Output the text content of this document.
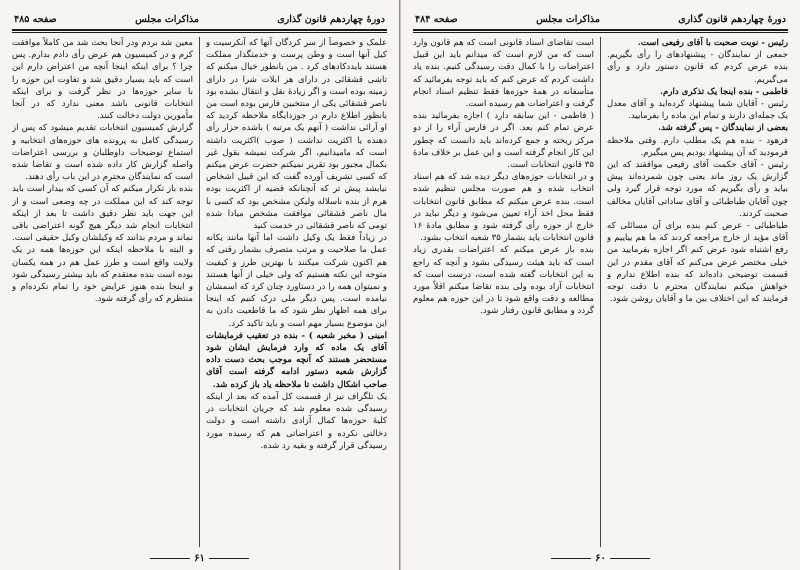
دورهٔ چهاردهم قانون گذاری
مذاکرات مجلس
صفحه ۴۸۵

علمک و خصوصاً از سر کردگان آنها که آنکرسیت و کیل آنها است و وطن پرست و خدمتگذار مملکت هستند بایددکادهای کرد . من بانطور خیال میکنم که تاشی قشقائی در دارای هر ایلات شرا در دارای زمینه بوده است و اگر زیادهٔ نقل و انتقال بشده بود ناصر قشقائی یکی از منتخبین فارس بوده است من بانظور اطلاع دارم در جوزدایگاه ملاحظه کردید که او آرائی نداشت ( آنهم یک مرتبه ) باشده حزار رأی دهنده یا اکثریت نداشت ( صوب )اکثریت داشته است که مامیدانیم، اگر شرکت نمیشه بقول غیر بکمال مجبور بود تقریر نمیکنم حضرت عرض میکنم که کسی تشریف آورده گفت که این قبیل اشخاص نیابشد پیش تر که آنچنانکه قضیه از اکثریت بوده هرم از بنده ناسلاله ولیکن مشخص بود که کسی با مال ناصر قشقائی موافقت مشخص میادا شده تومی که ناصر قشقائی در خدمت کنید

در زیاداً فقط یک وکیل داشت اما آنها مانند یکانه عمل ما صلاحیت و مرتب متصرف بشمار رقتی که هم اکنون شرکت میکنند با بهترین طرز و کیفیت متوجه این نکته هستیم که ولی خیلی از آنها هستند و نمیتوان همه را در دستاورد چنان کرد که اسمشان نیامده است. پس دیگر ملی درک کنیم که اینجا برای همه اظهار نظر شود که ما قاطعیت دادن به این موضوع بسیار مهم است و باید تاکید کرد.

امینی ( مخبر شعبه ) - بنده در تعقیب فرمایشات آقای یک ماده که وارد فرمایش ایشان شود مستحضر هستند که آنچه موجب بحث دست داده گزارش شعبه دستور ادامه گرفته است آقای صاحب اشکال داشت تا ملاحظه یاد باز کرده شد.

یک تلگراف نیز از قسمت کل آمده که بعد از اینکه رسیدگی شده معلوم شد که جریان انتخابات در کلیهٔ حوزه‌ها کمال آزادی داشته است و دولت دخالتی نکرده و اعتراضاتی هم که رسیده مورد رسیدگی قرار گرفته و بقیه رد شده.

معین شد بردم ودر آنجا بحث شد من کاملاً موافقت کرم و در کمیسیون هم عرض رأی دادم بدارم. پس چرا ؟ برای اینکه اینجا آنچه من اعتراض دارم این است که باید بسیار دقیق شد و تفاوت این حوزه را با سایر حوزه‌ها در نظر گرفت و برای اینکه انتخابات قانونی باشد معنی ندارد که در آنجا مأمورین دولت دخالت کنند.

گزارش کمیسیون انتخابات تقدیم میشود که پس از رسیدگی کامل به پرونده های حوزه‌های انتخابیه و استماع توضیحات داوطلبان و بررسی اعتراضات واصله گزارش کار داده شده است و تقاضا شده است که نمایندگان محترم در این باب رأی دهند.

بنده باز تکرار میکنم که آن کسی که بیدار است باید توجه کند که این مملکت در چه وضعی است و از این جهت باید نظر دقیق داشت تا بعد از اینکه انتخابات انجام شد دیگر هیچ گونه اعتراضی باقی نماند و مردم بدانند که وکیلشان وکیل حقیقی است.

و البته با ملاحظه اینکه این حوزه‌ها همه در یک ولایت واقع است و طرز عمل هم در همه یکسان بوده است بنده معتقدم که باید بیشتر رسیدگی شود و اینجا بنده هنوز عرایض خود را تمام نکرده‌ام و منتظرم که رأی گرفته شود.

۶۱
دورهٔ چهاردهم قانون گذاری
مذاکرات مجلس
صفحه ۴۸۴

رئیس - نوبت صحبت با آقای رفیعی است.

جمعی از نمایندگان - پیشنهادهای را رأی بگیریم. بنده عرض کردم که قانون دستور دارد و رأی می‌گیریم.

فاطمی - بنده اینجا یک تذکری دارم.

رئیس - آقایان شما پیشنهاد کرده‌اید و آقای معدل یک جمله‌ای دارند و تمام این ماده را بفرمایید.

بعضی از نمایندگان - پس گرفته شد.

فرهود - بنده هم یک مطلب دارم. وقتی ملاحظه فرمودید که آن پیشنهاد بودیم پس میگیرم.

رئیس - آقای حکمت آقای رفیعی موافقند که این گزارش یک روز ماند یعنی چون شمرده‌اند پیش بیاید و رأی بگیریم که مورد توجه قرار گیرد ولی چون آقایان طباطبائی و آقای ساداتی آقایان مخالف صحبت کردند.

طباطبائی - عرض کنم بنده برای آن مسائلی که آقای مؤید از خارج مراجعه کردند که ما هم بیاییم و رفع اشتباه شود عرض کنم اگر اجازه بفرمایید من خیلی مختصر عرض می‌کنم که آقای مقدم در این قسمت توضیحی داده‌اند که بنده اطلاع ندارم و خواهش میکنم نمایندگان محترم با دقت توجه فرمایند که این اختلاف بین ما و آقایان روشن شود.

است تقاضای اسناد قانونی است که هم قانون وارد است که من لازم است که میدانم باید این قبیل اعتراضات را با کمال دقت رسیدگی کنیم. بنده یاد داشت کردم که عرض کنم که باید توجه بفرمائید که متأسفانه در همهٔ حوزه‌ها فقط تنظیم اسناد انجام گرفت و اعتراضات هم رسیده است.

( فاطمی - این سابقه دارد ) اجازه بفرمائید بنده عرض تمام کنم بعد. اگر در فارس آراء را از دو مرکز ریخته و جمع کرده‌اند باید دانست که چطور این کار انجام گرفته است و این عمل بر خلاف مادهٔ ۳۵ قانون انتخابات است.

و در انتخابات حوزه‌های دیگر دیده شد که هم اسناد انتخاب شده و هم صورت مجلس تنظیم شده است. بنده عرض میکنم که مطابق قانون انتخابات فقط محل اخذ آراء تعیین می‌شود و دیگر نباید در خارج از حوزه رأی گرفته شود و مطابق مادهٔ ۱۶ قانون انتخابات باید بشمار ۳۵ شعبه انتخاب بشود.

بنده باز عرض میکنم که اعتراضات بقدری زیاد است که باید هیئت رسیدگی بشود و آنچه که راجع به این انتخابات گفته شده است، درست است که انتخابات آزاد بوده ولی بنده تقاضا میکنم اقلاً مورد مطالعه و دقت واقع شود تا در این حوزه هم معلوم گردد و مطابق قانون رفتار شود.

۶۰
